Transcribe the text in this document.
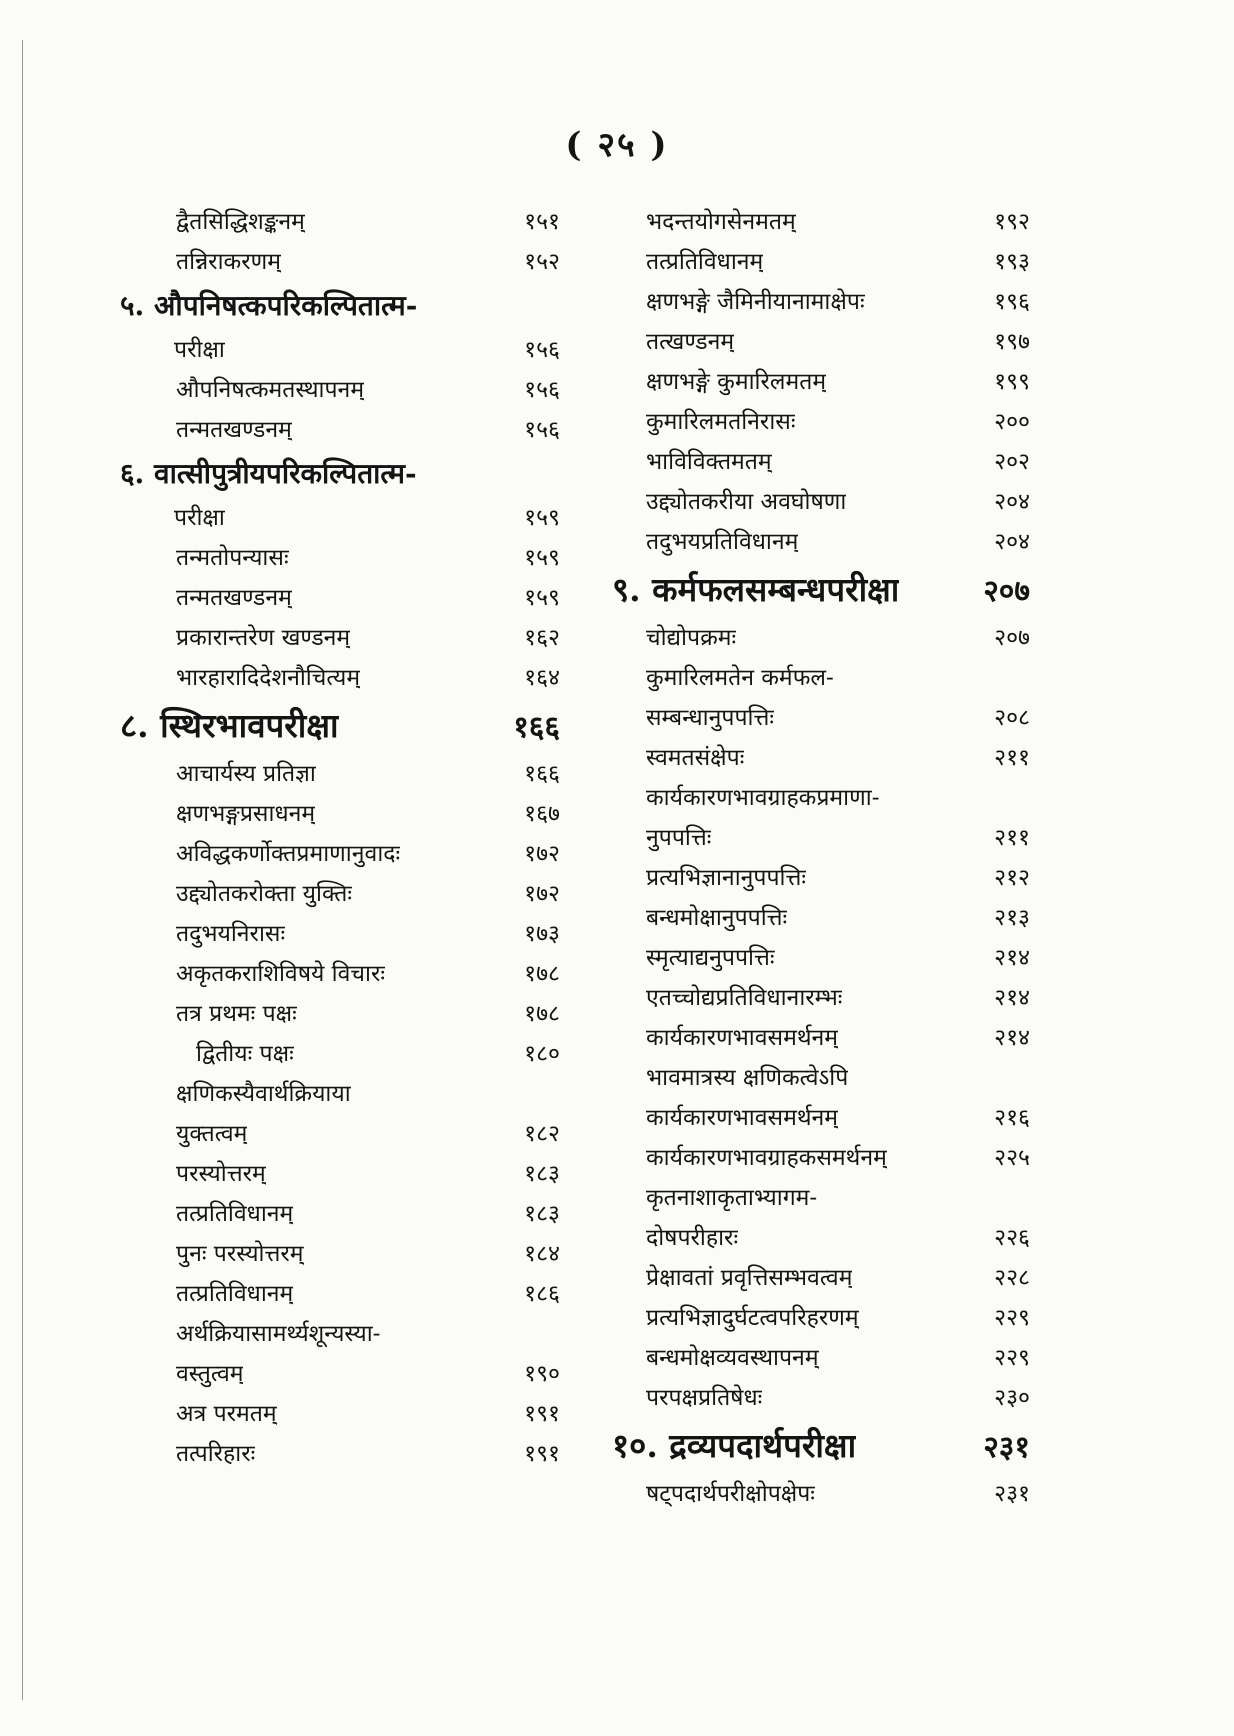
( २५ )
द्वैतसिद्धिशङ्कनम्	१५१
तन्निराकरणम्	१५२
५. औपनिषत्कपरिकल्पितात्म-
परीक्षा	१५६
औपनिषत्कमतस्थापनम्	१५६
तन्मतखण्डनम्	१५६
६. वात्सीपुत्रीयपरिकल्पितात्म-
परीक्षा	१५९
तन्मतोपन्यासः	१५९
तन्मतखण्डनम्	१५९
प्रकारान्तरेण खण्डनम्	१६२
भारहारादिदेशनौचित्यम्	१६४
८. स्थिरभावपरीक्षा	१६६
आचार्यस्य प्रतिज्ञा	१६६
क्षणभङ्गप्रसाधनम्	१६७
अविद्धकर्णोक्तप्रमाणानुवादः	१७२
उद्द्योतकरोक्ता युक्तिः	१७२
तदुभयनिरासः	१७३
अकृतकराशिविषये विचारः	१७८
तत्र प्रथमः पक्षः	१७८
द्वितीयः पक्षः	१८०
क्षणिकस्यैवार्थक्रियाया
युक्तत्वम्	१८२
परस्योत्तरम्	१८३
तत्प्रतिविधानम्	१८३
पुनः परस्योत्तरम्	१८४
तत्प्रतिविधानम्	१८६
अर्थक्रियासामर्थ्यशून्यस्या-
वस्तुत्वम्	१९०
अत्र परमतम्	१९१
तत्परिहारः	१९१
भदन्तयोगसेनमतम्	१९२
तत्प्रतिविधानम्	१९३
क्षणभङ्गे जैमिनीयानामाक्षेपः	१९६
तत्खण्डनम्	१९७
क्षणभङ्गे कुमारिलमतम्	१९९
कुमारिलमतनिरासः	२००
भाविविक्तमतम्	२०२
उद्द्योतकरीया अवघोषणा	२०४
तदुभयप्रतिविधानम्	२०४
९. कर्मफलसम्बन्धपरीक्षा	२०७
चोद्योपक्रमः	२०७
कुमारिलमतेन कर्मफल-
सम्बन्धानुपपत्तिः	२०८
स्वमतसंक्षेपः	२११
कार्यकारणभावग्राहकप्रमाणा-
नुपपत्तिः	२११
प्रत्यभिज्ञानानुपपत्तिः	२१२
बन्धमोक्षानुपपत्तिः	२१३
स्मृत्याद्यनुपपत्तिः	२१४
एतच्चोद्यप्रतिविधानारम्भः	२१४
कार्यकारणभावसमर्थनम्	२१४
भावमात्रस्य क्षणिकत्वेऽपि
कार्यकारणभावसमर्थनम्	२१६
कार्यकारणभावग्राहकसमर्थनम्	२२५
कृतनाशाकृताभ्यागम-
दोषपरीहारः	२२६
प्रेक्षावतां प्रवृत्तिसम्भवत्वम्	२२८
प्रत्यभिज्ञादुर्घटत्वपरिहरणम्	२२९
बन्धमोक्षव्यवस्थापनम्	२२९
परपक्षप्रतिषेधः	२३०
१०. द्रव्यपदार्थपरीक्षा	२३१
षट्पदार्थपरीक्षोपक्षेपः	२३१
